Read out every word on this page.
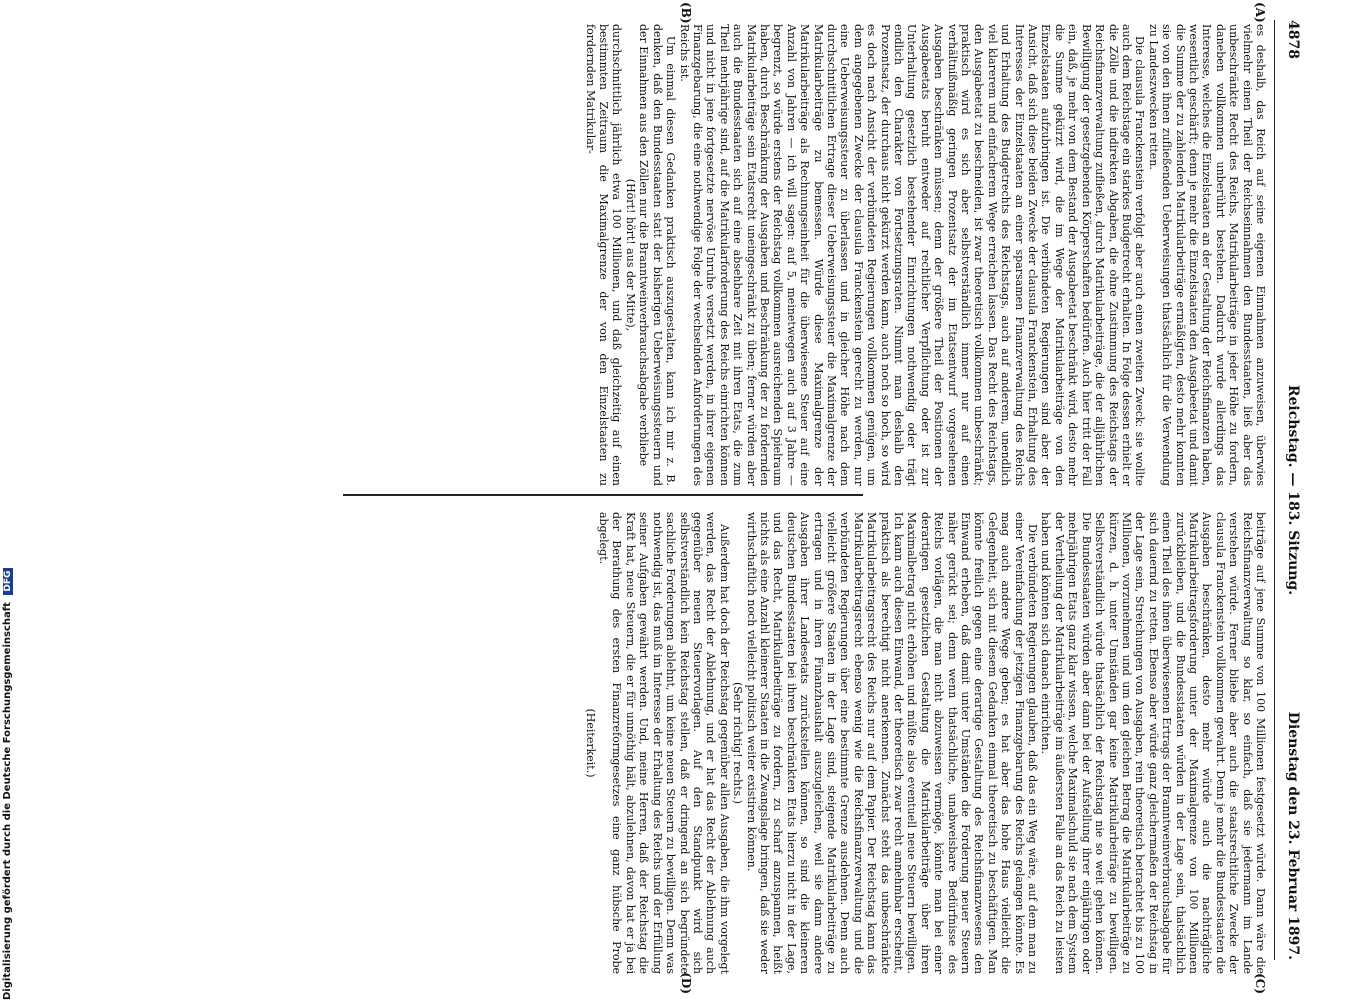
4878
Reichstag. — 183. Sitzung.
Dienstag den 23. Februar 1897.
(A)
(B)
(C)
(D)

es deshalb, das Reich auf seine eigenen Einnahmen anzuweisen, überwies vielmehr einen Theil der Reichseinnahmen den Bundesstaaten, ließ aber das unbeschränkte Recht des Reichs, Matrikularbeiträge in jeder Höhe zu fordern, daneben vollkommen unberührt bestehen. Dadurch wurde allerdings das Interesse, welches die Einzelstaaten an der Gestaltung der Reichsfinanzen haben, wesentlich geschärft; denn je mehr die Einzelstaaten den Ausgabeetat und damit die Summe der zu zahlenden Matrikularbeiträge ermäßigten, desto mehr konnten sie von den ihnen zufließenden Ueberweisungen thatsächlich für die Verwendung zu Landeszwecken retten.

Die clausula Franckenstein verfolgt aber auch einen zweiten Zweck: sie wollte auch dem Reichstage ein starkes Budgetrecht erhalten. In Folge dessen erhielt er die Zölle und die indirekten Abgaben, die ohne Zustimmung des Reichstags der Reichsfinanzverwaltung zufließen, durch Matrikularbeiträge, die der alljährlichen Bewilligung der gesetzgebenden Körperschaften bedürfen. Auch hier tritt der Fall ein, daß, je mehr von dem Bestand der Ausgabeetat beschränkt wird, desto mehr die Summe gekürzt wird, die im Wege der Matrikularbeiträge von den Einzelstaaten aufzubringen ist. Die verbündeten Regierungen sind aber der Ansicht, daß sich diese beiden Zwecke der clausula Franckenstein, Erhaltung des Interesses der Einzelstaaten an einer sparsamen Finanzverwaltung des Reichs und Erhaltung des Budgetrechts des Reichstags, auch auf anderem, unendlich viel klarerem und einfacherem Wege erreichen lassen. Das Recht des Reichstags, den Ausgabeetat zu beschneiden, ist zwar theoretisch vollkommen unbeschränkt; praktisch wird es sich aber selbstverständlich immer nur auf einen verhältnißmäßig geringen Prozentsatz der im Etatsentwurf vorgesehenen Ausgaben beschränken müssen; denn der größere Theil der Positionen der Ausgabeetats beruht entweder auf rechtlicher Verpflichtung oder ist zur Unterhaltung gesetzlich bestehender Einrichtungen nothwendig oder trägt endlich den Charakter von Fortsetzungsraten. Nimmt man deshalb den Prozentsatz, der durchaus nicht gekürzt werden kann, auch noch so hoch, so wird es doch nach Ansicht der verbündeten Regierungen vollkommen genügen, um dem angegebenen Zwecke der clausula Franckenstein gerecht zu werden, nur eine Ueberweisungssteuer zu überlassen und in gleicher Höhe nach dem durchschnittlichen Ertrage dieser Ueberweisungssteuer die Maximalgrenze der Matrikularbeiträge zu bemessen. Würde diese Maximalgrenze der Matrikularbeiträge als Rechnungseinheit für die überwiesene Steuer auf eine Anzahl von Jahren — ich will sagen: auf 5, meinetwegen auch auf 3 Jahre — begrenzt, so würde erstens der Reichstag vollkommen ausreichenden Spielraum haben, durch Beschränkung der Ausgaben und Beschränkung der zu fordernden Matrikularbeiträge sein Etatsrecht uneingeschränkt zu üben; ferner würden aber auch die Bundesstaaten sich auf eine absehbare Zeit mit ihren Etats, die zum Theil mehrjährige sind, auf die Matrikularforderung des Reichs einrichten können und nicht in jene fortgesetzte nervöse Unruhe versetzt werden, in ihrer eigenen Finanzgebarung, die eine nothwendige Folge der wechselnden Anforderungen des Reichs ist.

Um einmal diesen Gedanken praktisch auszugestalten, kann ich mir z. B. denken, daß den Bundesstaaten statt der bisherigen Ueberweisungssteuern und der Einnahmen aus den Zöllen nur die Branntweinverbrauchsabgabe verbliebe

(Hört! hört! aus der Mitte),

durchschnittlich jährlich etwa 100 Millionen, und daß gleichzeitig auf einen bestimmten Zeitraum die Maximalgrenze der von den Einzelstaaten zu fordernden Matrikular-

beiträge auf jene Summe von 100 Millionen festgesetzt würde. Dann wäre die Reichsfinanzverwaltung so klar, so einfach, daß sie jedermann im Lande verstehen würde. Ferner bliebe aber auch die staatsrechtliche Zwecke der clausula Franckenstein vollkommen gewahrt. Denn je mehr die Bundesstaaten die Ausgaben beschränken, desto mehr würde auch die nachträgliche Matrikularbeitragsforderung unter der Maximalgrenze von 100 Millionen zurückbleiben, und die Bundesstaaten würden in der Lage sein, thatsächlich einen Theil des ihnen überwiesenen Ertrags der Branntweinverbrauchsabgabe für sich dauernd zu retten. Ebenso aber würde ganz gleichermaßen der Reichstag in der Lage sein, Streichungen von Ausgaben, rein theoretisch betrachtet bis zu 100 Millionen, vorzunehmen und um den gleichen Betrag die Matrikularbeiträge zu kürzen, d. h. unter Umständen gar keine Matrikularbeiträge zu bewilligen. Selbstverständlich würde thatsächlich der Reichstag nie so weit gehen können. Die Bundesstaaten würden aber dann bei der Aufstellung ihrer einjährigen oder mehrjährigen Etats ganz klar wissen, welche Maximalschuld sie nach dem System der Vertheilung der Matrikularbeiträge im äußersten Falle an das Reich zu leisten haben und könnten sich danach einrichten.

Die verbündeten Regierungen glauben, daß das ein Weg wäre, auf dem man zu einer Vereinfachung der jetzigen Finanzgebarung des Reichs gelangen könnte. Es mag auch andere Wege geben; es hat aber das hohe Haus vielleicht die Gelegenheit, sich mit diesem Gedanken einmal theoretisch zu beschäftigen. Man könnte freilich gegen eine derartige Gestaltung des Reichsfinanzwesens den Einwand erheben, daß damit unter Umständen die Forderung neuer Steuern näher gerückt sei; denn wenn thatsächliche, unabweisbare Bedürfnisse des Reichs vorlägen, die man nicht abzuweisen vermöge, könnte man bei einer derartigen gesetzlichen Gestaltung die Matrikularbeiträge über ihren Maximalbetrag nicht erhöhen und müßte also eventuell neue Steuern bewilligen. Ich kann auch diesen Einwand, der theoretisch zwar recht annehmbar erscheint, praktisch als berechtigt nicht anerkennen. Zunächst steht das unbeschränkte Matrikularbeitragsrecht des Reichs nur auf dem Papier. Der Reichstag kann das Matrikularbeitragsrecht ebenso wenig wie die Reichsfinanzverwaltung und die verbündeten Regierungen über eine bestimmte Grenze ausdehnen. Denn auch vielleicht größere Staaten in der Lage sind, steigende Matrikularbeiträge zu ertragen und in ihren Finanzhaushalt auszugleichen, weil sie dann andere Ausgaben ihrer Landesetats zurückstellen können, so sind die kleineren deutschen Bundesstaaten bei ihren beschränkten Etats hierzu nicht in der Lage, und das Recht, Matrikularbeiträge zu fordern, zu scharf anzuspannen, heißt nichts als eine Anzahl kleinerer Staaten in die Zwangslage bringen, daß sie weder wirthschaftlich noch vielleicht politisch weiter existiren können.

(Sehr richtig! rechts.)

Außerdem hat doch der Reichstag gegenüber allen Ausgaben, die ihm vorgelegt werden, das Recht der Ablehnung, und er hat das Recht der Ablehnung auch gegenüber neuen Steuervorlagen. Auf den Standpunkt wird sich selbstverständlich kein Reichstag stellen, daß er dringend an sich begründete sachliche Forderungen ablehnt, um keine neuen Steuern zu bewilligen. Denn was nothwendig ist, das muß im Interesse der Erhaltung des Reichs und der Erfüllung seiner Aufgaben gewährt werden. Und, meine Herren, daß der Reichstag die Kraft hat, neue Steuern, die er für unnöthig hält, abzulehnen, davon hat er ja bei der Berathung des ersten Finanzreformgesetzes eine ganz hübsche Probe abgelegt.

(Heiterkeit.)

Digitalisierung gefördert durch die Deutsche Forschungsgemeinschaft DFG
